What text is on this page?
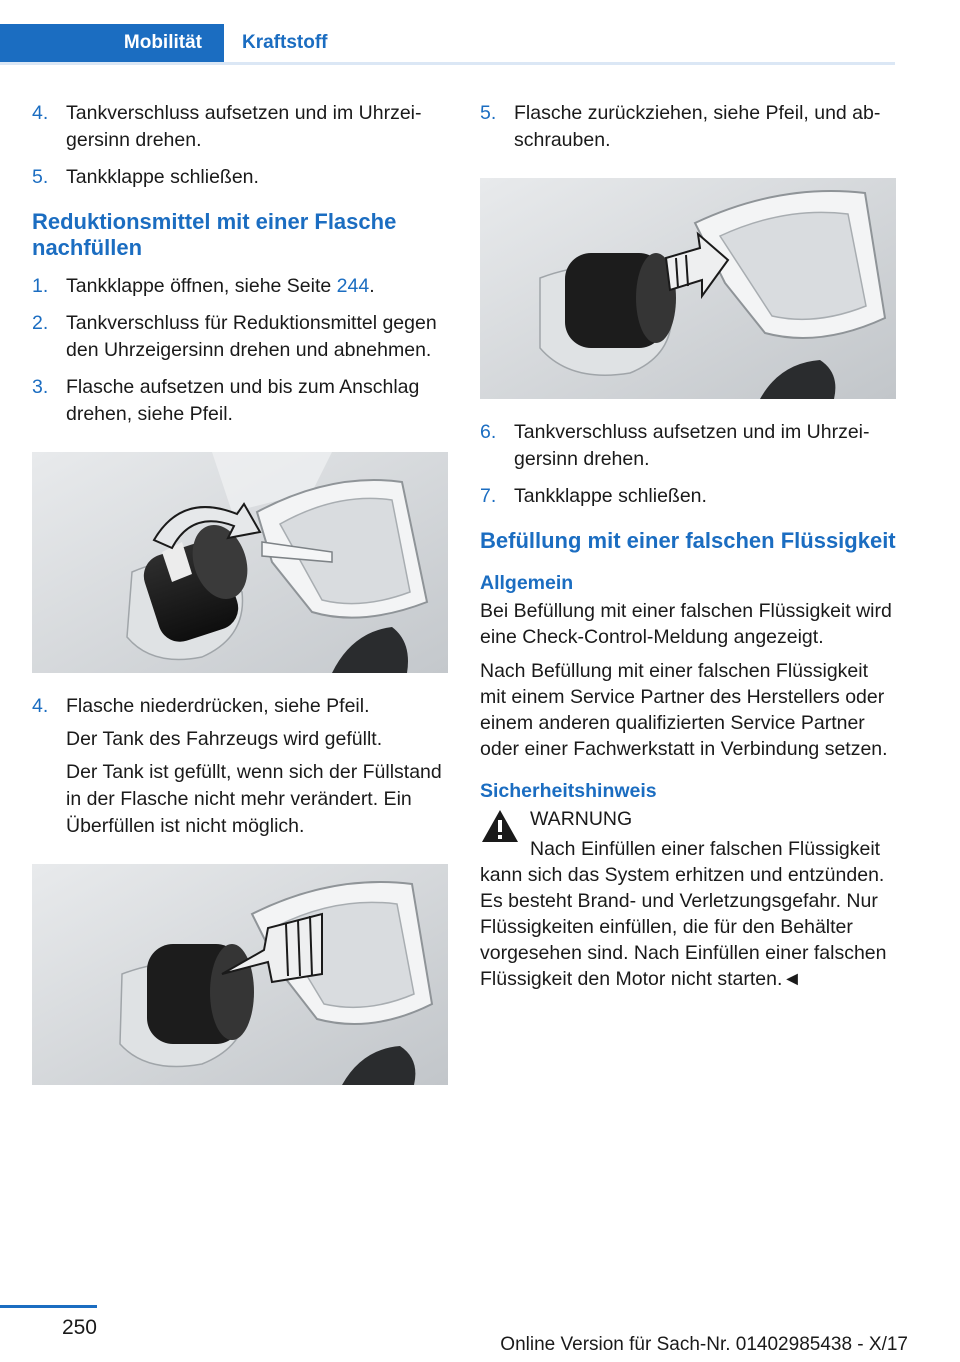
Mobilität	Kraftstoff
4. Tankverschluss aufsetzen und im Uhrzeigersinn drehen.
5. Tankklappe schließen.
Reduktionsmittel mit einer Flasche nachfüllen
1. Tankklappe öffnen, siehe Seite 244.
2. Tankverschluss für Reduktionsmittel gegen den Uhrzeigersinn drehen und abnehmen.
3. Flasche aufsetzen und bis zum Anschlag drehen, siehe Pfeil.
4. Flasche niederdrücken, siehe Pfeil.

Der Tank des Fahrzeugs wird gefüllt.

Der Tank ist gefüllt, wenn sich der Füllstand in der Flasche nicht mehr verändert. Ein Überfüllen ist nicht möglich.

5. Flasche zurückziehen, siehe Pfeil, und abschrauben.
6. Tankverschluss aufsetzen und im Uhrzeigersinn drehen.
7. Tankklappe schließen.
Befüllung mit einer falschen Flüssigkeit
Allgemein

Bei Befüllung mit einer falschen Flüssigkeit wird eine Check-Control-Meldung angezeigt.

Nach Befüllung mit einer falschen Flüssigkeit mit einem Service Partner des Herstellers oder einem anderen qualifizierten Service Partner oder einer Fachwerkstatt in Verbindung setzen.

Sicherheitshinweis
WARNUNG
Nach Einfüllen einer falschen Flüssigkeit
kann sich das System erhitzen und entzünden. Es besteht Brand- und Verletzungsgefahr. Nur Flüssigkeiten einfüllen, die für den Behälter vorgesehen sind. Nach Einfüllen einer falschen Flüssigkeit den Motor nicht starten.◄
250
Online Version für Sach-Nr. 01402985438 - X/17
